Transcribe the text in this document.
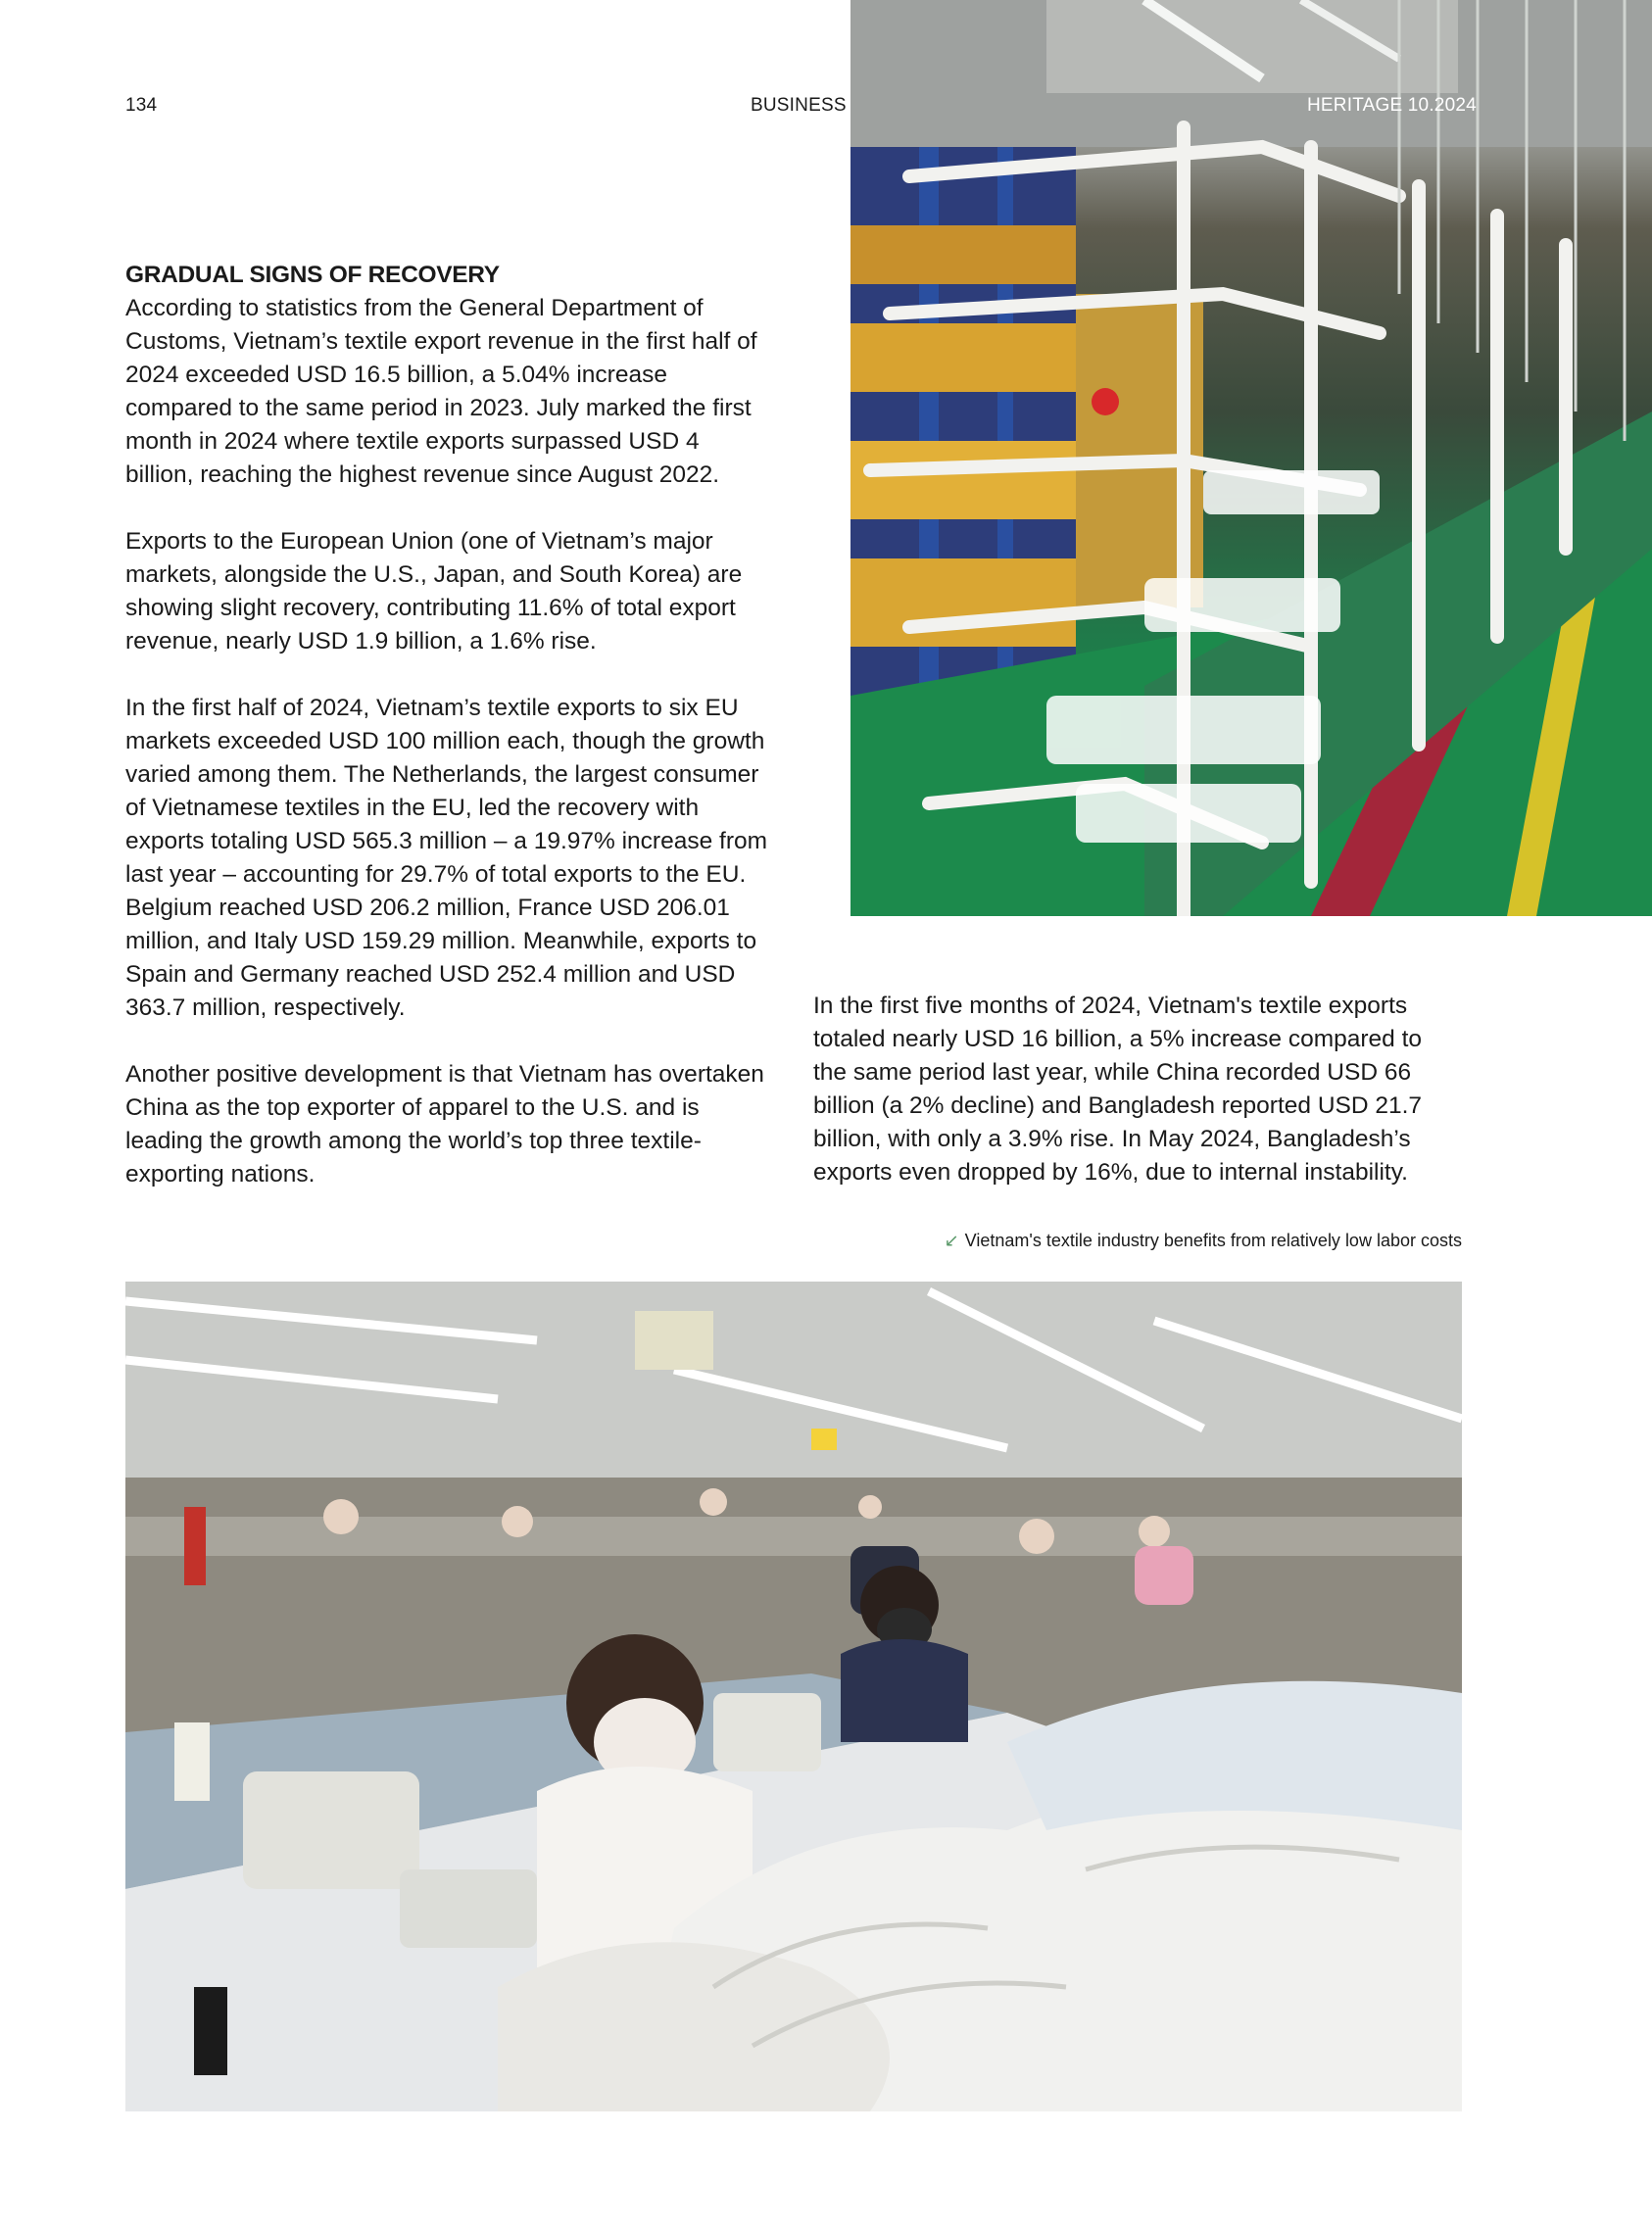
134	BUSINESS	HERITAGE 10.2024
GRADUAL SIGNS OF RECOVERY

According to statistics from the General Department of Customs, Vietnam’s textile export revenue in the first half of 2024 exceeded USD 16.5 billion, a 5.04% increase compared to the same period in 2023. July marked the first month in 2024 where textile exports surpassed USD 4 billion, reaching the highest revenue since August 2022.

Exports to the European Union (one of Vietnam’s major markets, alongside the U.S., Japan, and South Korea) are showing slight recovery, contributing 11.6% of total export revenue, nearly USD 1.9 billion, a 1.6% rise.

In the first half of 2024, Vietnam’s textile exports to six EU markets exceeded USD 100 million each, though the growth varied among them. The Netherlands, the largest consumer of Vietnamese textiles in the EU, led the recovery with exports totaling USD 565.3 million – a 19.97% increase from last year – accounting for 29.7% of total exports to the EU. Belgium reached USD 206.2 million, France USD 206.01 million, and Italy USD 159.29 million. Meanwhile, exports to Spain and Germany reached USD 252.4 million and USD 363.7 million, respectively.

Another positive development is that Vietnam has overtaken China as the top exporter of apparel to the U.S. and is leading the growth among the world’s top three textile-exporting nations.

In the first five months of 2024, Vietnam's textile exports totaled nearly USD 16 billion, a 5% increase compared to the same period last year, while China recorded USD 66 billion (a 2% decline) and Bangladesh reported USD 21.7 billion, with only a 3.9% rise. In May 2024, Bangladesh’s exports even dropped by 16%, due to internal instability.

↙ Vietnam's textile industry benefits from relatively low labor costs
